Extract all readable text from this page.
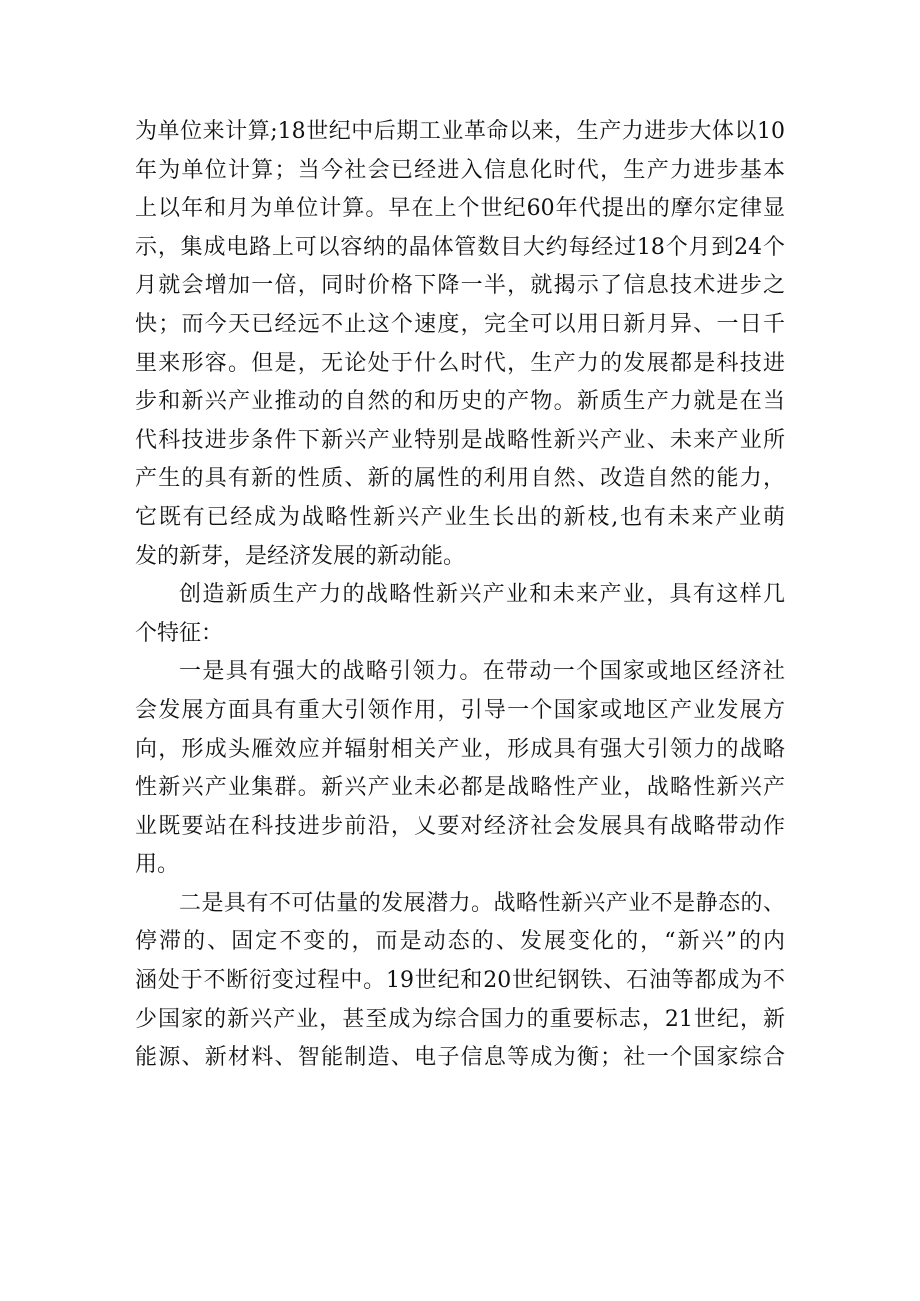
为单位来计算;18世纪中后期工业革命以来，生产力进步大体以10
年为单位计算；当今社会已经进入信息化时代，生产力进步基本
上以年和月为单位计算。早在上个世纪60年代提出的摩尔定律显
示，集成电路上可以容纳的晶体管数目大约每经过18个月到24个
月就会增加一倍，同时价格下降一半，就揭示了信息技术进步之
快；而今天已经远不止这个速度，完全可以用日新月异、一日千
里来形容。但是，无论处于什么时代，生产力的发展都是科技进
步和新兴产业推动的自然的和历史的产物。新质生产力就是在当
代科技进步条件下新兴产业特别是战略性新兴产业、未来产业所
产生的具有新的性质、新的属性的利用自然、改造自然的能力，
它既有已经成为战略性新兴产业生长出的新枝,也有未来产业萌
发的新芽，是经济发展的新动能。
创造新质生产力的战略性新兴产业和未来产业，具有这样几
个特征：
一是具有强大的战略引领力。在带动一个国家或地区经济社
会发展方面具有重大引领作用，引导一个国家或地区产业发展方
向，形成头雁效应并辐射相关产业，形成具有强大引领力的战略
性新兴产业集群。新兴产业未必都是战略性产业，战略性新兴产
业既要站在科技进步前沿，乂要对经济社会发展具有战略带动作
用。
二是具有不可估量的发展潜力。战略性新兴产业不是静态的、
停滞的、固定不变的，而是动态的、发展变化的，“新兴”的内
涵处于不断衍变过程中。19世纪和20世纪钢铁、石油等都成为不
少国家的新兴产业，甚至成为综合国力的重要标志，21世纪，新
能源、新材料、智能制造、电子信息等成为衡；社一个国家综合
